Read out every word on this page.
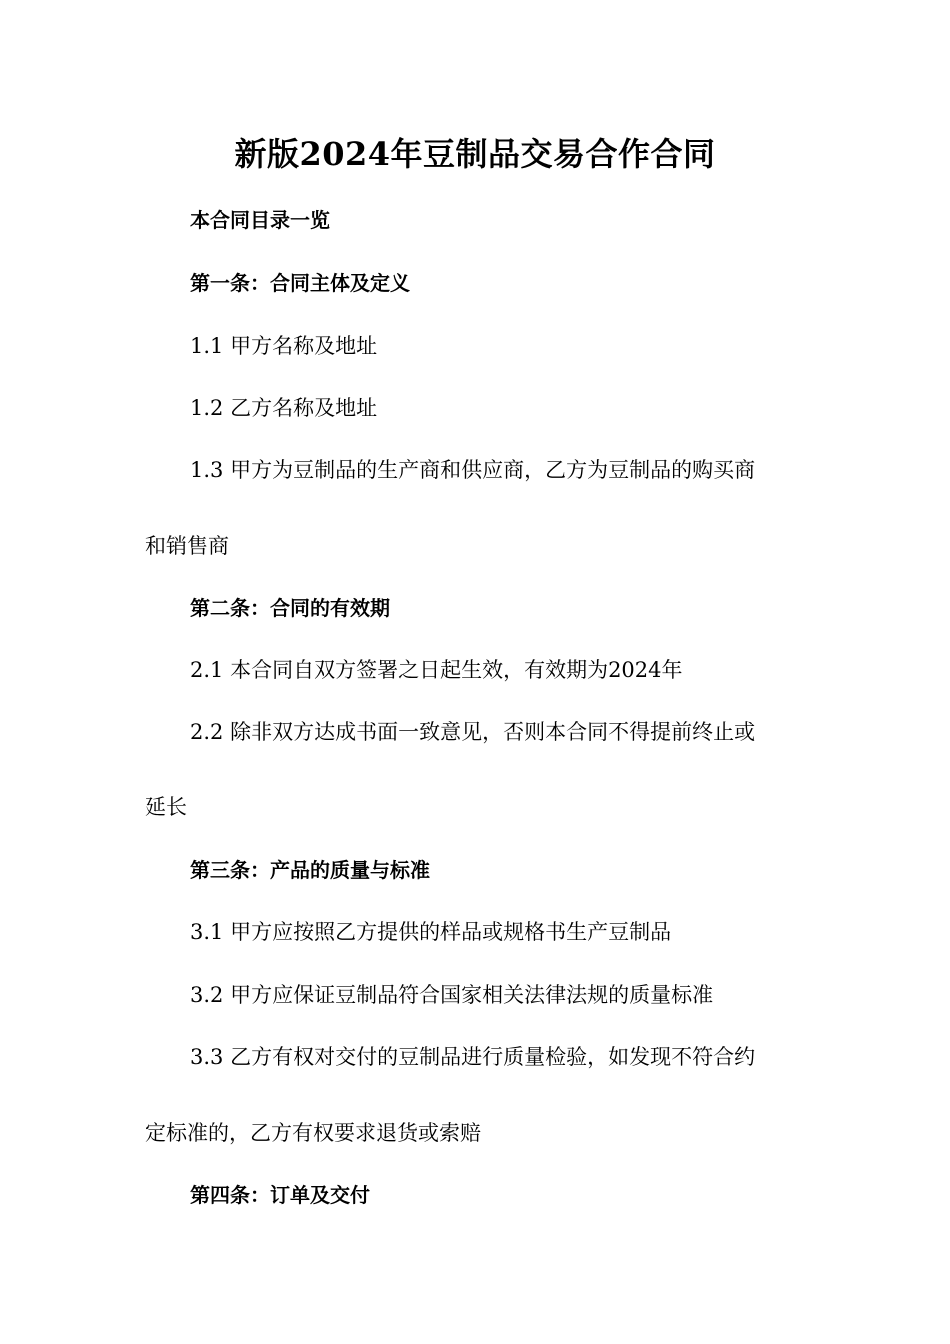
新版2024年豆制品交易合作合同
本合同目录一览
第一条：合同主体及定义
1.1 甲方名称及地址
1.2 乙方名称及地址
1.3 甲方为豆制品的生产商和供应商，乙方为豆制品的购买商
和销售商
第二条：合同的有效期
2.1 本合同自双方签署之日起生效，有效期为2024年
2.2 除非双方达成书面一致意见，否则本合同不得提前终止或
延长
第三条：产品的质量与标准
3.1 甲方应按照乙方提供的样品或规格书生产豆制品
3.2 甲方应保证豆制品符合国家相关法律法规的质量标准
3.3 乙方有权对交付的豆制品进行质量检验，如发现不符合约
定标准的，乙方有权要求退货或索赔
第四条：订单及交付
